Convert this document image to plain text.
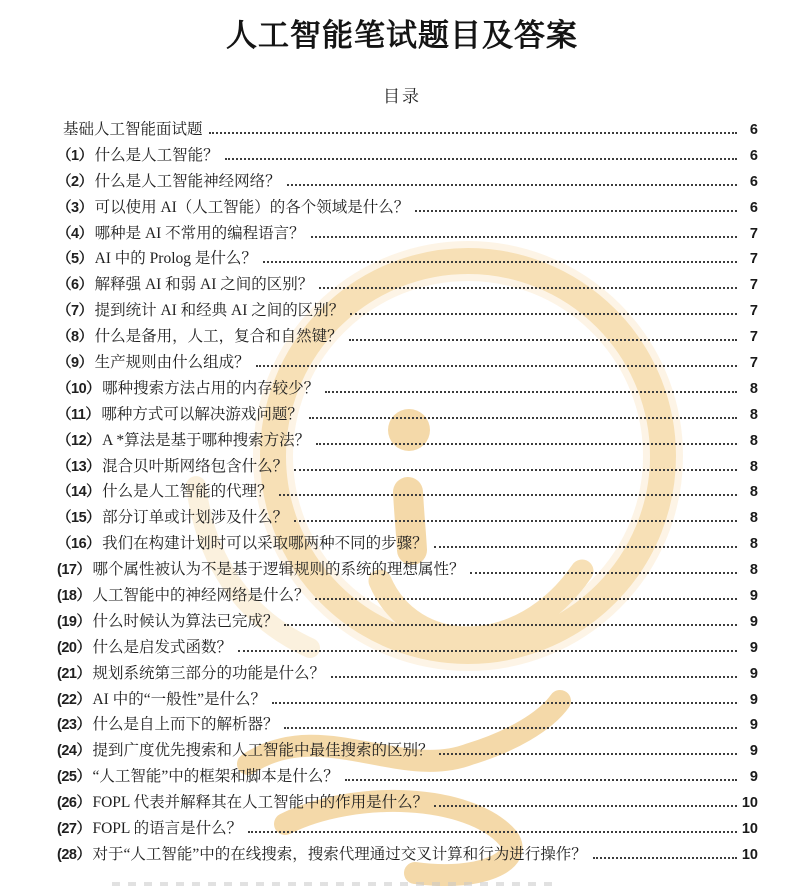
人工智能笔试题目及答案
目录
基础人工智能面试题	6
（1） 什么是人工智能？	6
（2） 什么是人工智能神经网络？	6
（3） 可以使用 AI（人工智能）的各个领域是什么？	6
（4） 哪种是 AI 不常用的编程语言？	7
（5） AI 中的 Prolog 是什么？	7
（6） 解释强 AI 和弱 AI 之间的区别？	7
（7） 提到统计 AI 和经典 AI 之间的区别？	7
（8） 什么是备用，人工，复合和自然键？	7
（9） 生产规则由什么组成？	7
（10） 哪种搜索方法占用的内存较少？	8
（11） 哪种方式可以解决游戏问题？	8
（12） A *算法是基于哪种搜索方法？	8
（13） 混合贝叶斯网络包含什么？	8
（14） 什么是人工智能的代理？	8
（15） 部分订单或计划涉及什么？	8
（16） 我们在构建计划时可以采取哪两种不同的步骤？	8
(17） 哪个属性被认为不是基于逻辑规则的系统的理想属性？	8
(18） 人工智能中的神经网络是什么？	9
(19） 什么时候认为算法已完成？	9
(20） 什么是启发式函数？	9
(21） 规划系统第三部分的功能是什么？	9
(22） AI 中的“一般性”是什么？	9
(23） 什么是自上而下的解析器？	9
(24） 提到广度优先搜索和人工智能中最佳搜索的区别？	9
(25） “人工智能”中的框架和脚本是什么？	9
(26） FOPL 代表并解释其在人工智能中的作用是什么？	10
(27） FOPL 的语言是什么？	10
(28） 对于“人工智能”中的在线搜索，搜索代理通过交叉计算和行为进行操作？	10
